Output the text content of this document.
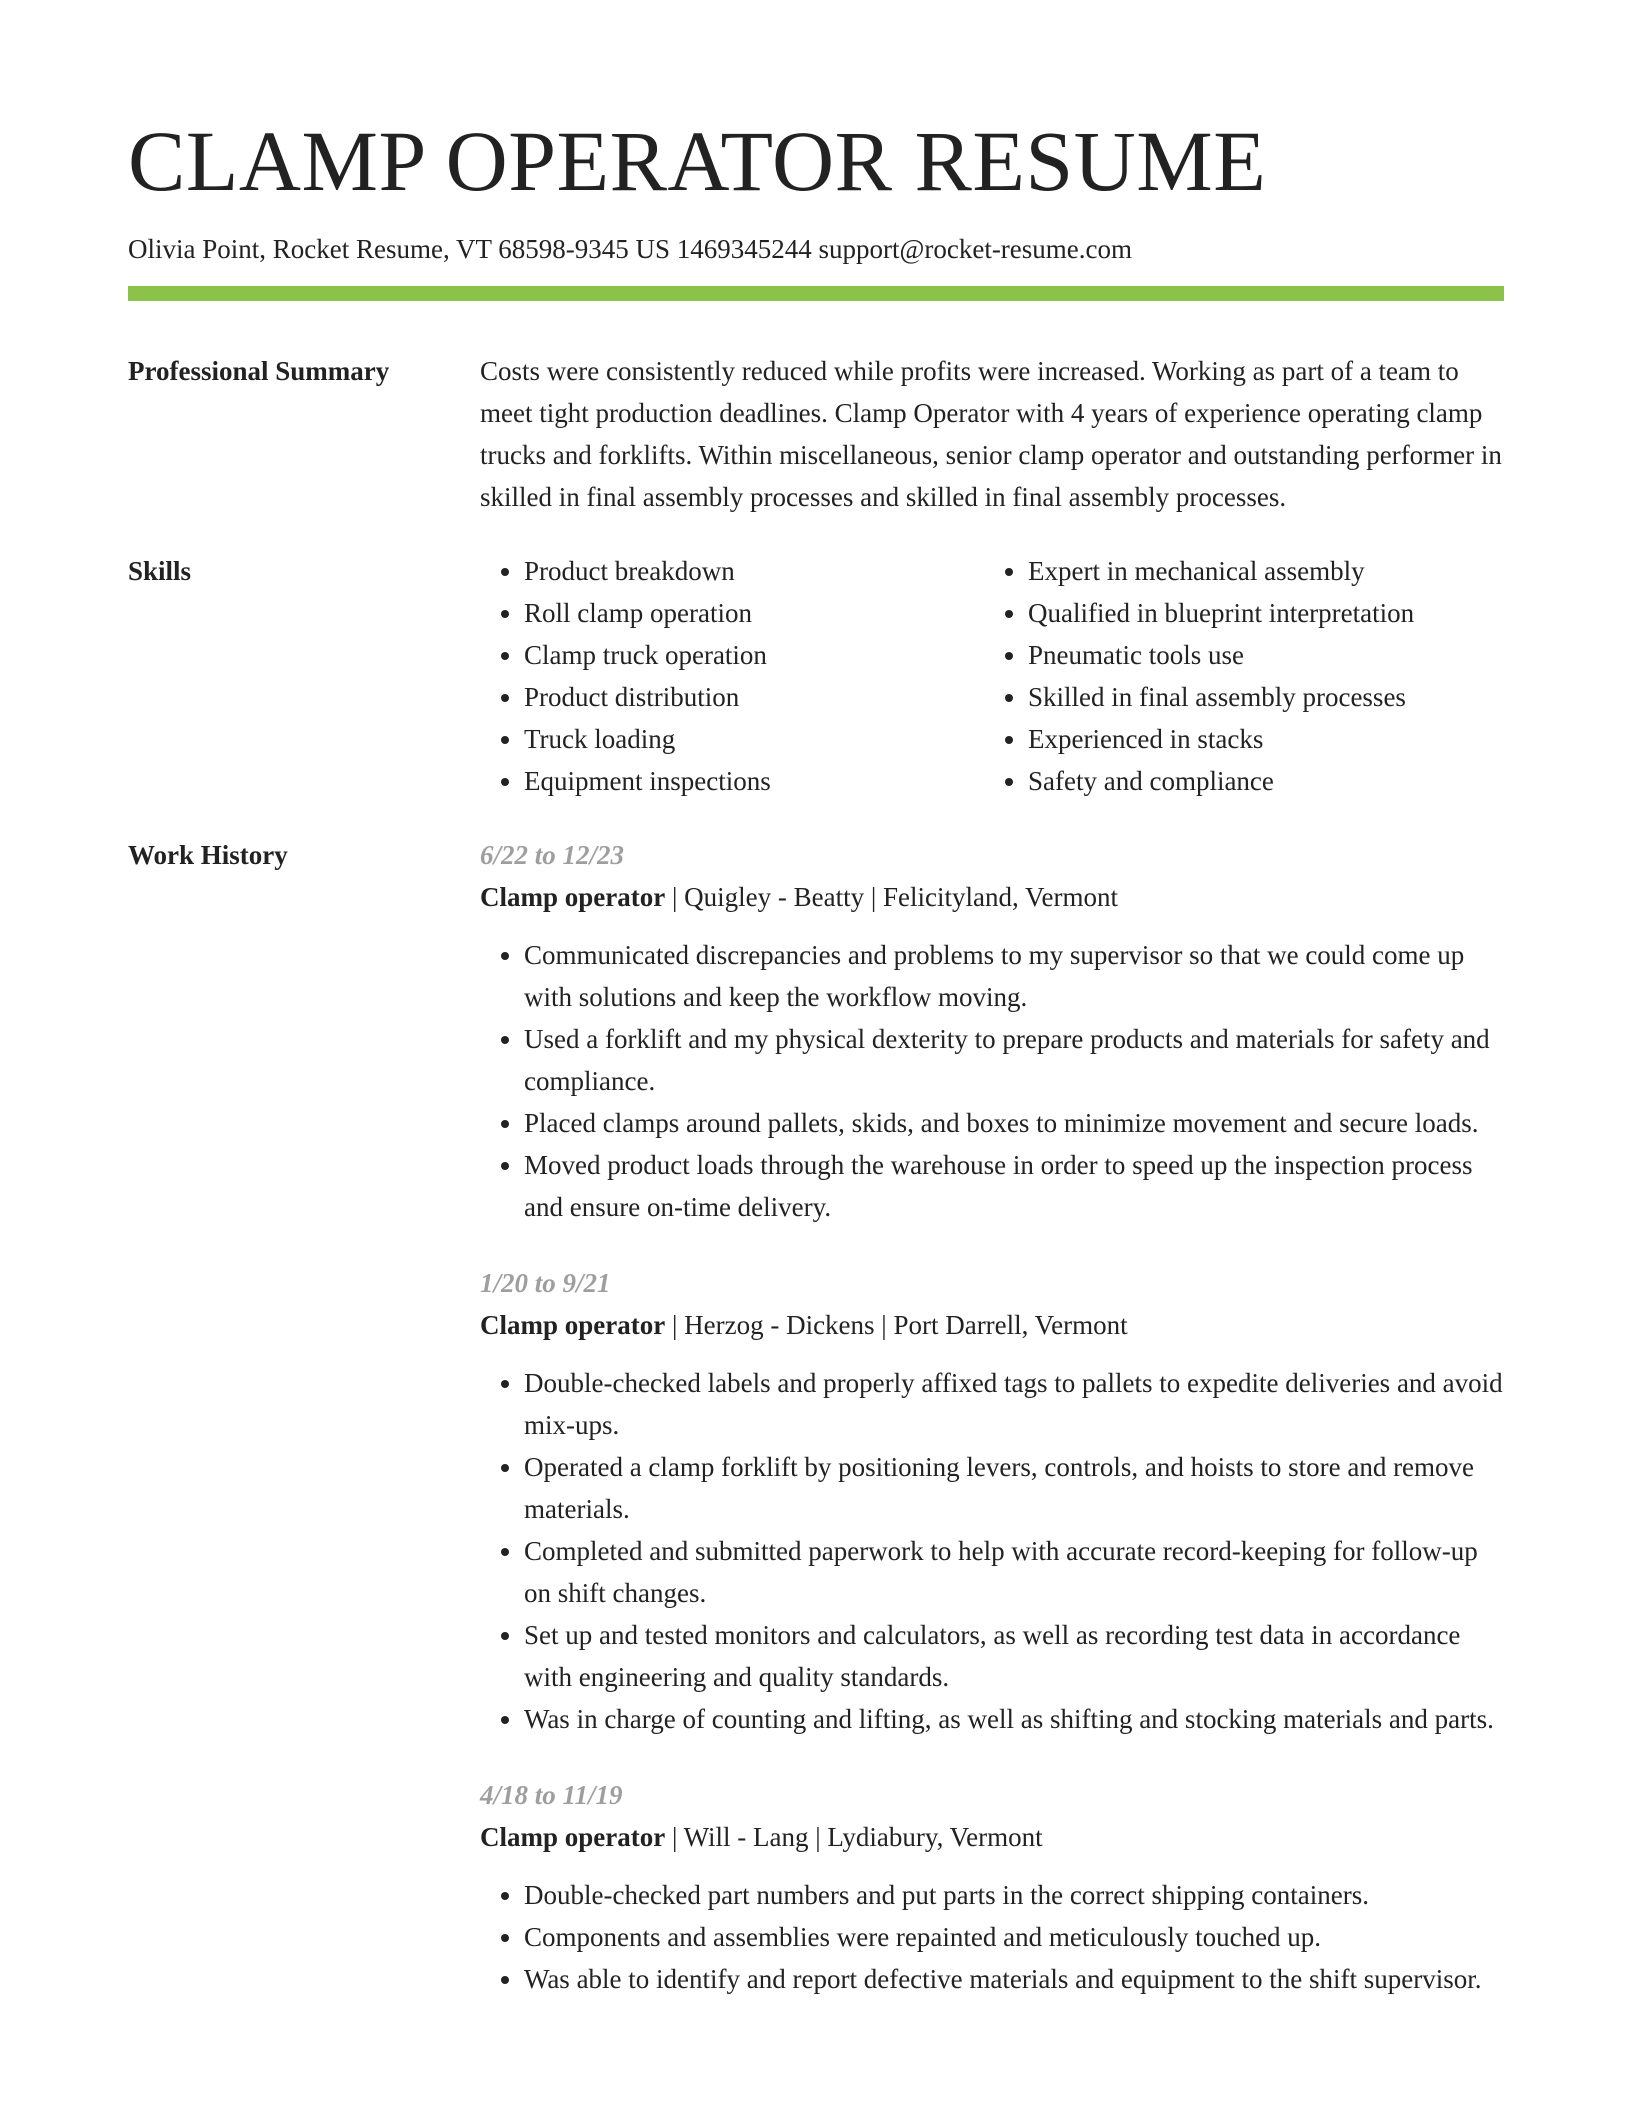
CLAMP OPERATOR RESUME
Olivia Point, Rocket Resume, VT 68598-9345 US 1469345244 support@rocket-resume.com
Professional Summary	Costs were consistently reduced while profits were increased. Working as part of a team to meet tight production deadlines. Clamp Operator with 4 years of experience operating clamp trucks and forklifts. Within miscellaneous, senior clamp operator and outstanding performer in skilled in final assembly processes and skilled in final assembly processes.

Skills
•	Product breakdown
• Roll clamp operation
• Clamp truck operation
• Product distribution
• Truck loading
• Equipment inspections
• Expert in mechanical assembly
• Qualified in blueprint interpretation
• Pneumatic tools use
• Skilled in final assembly processes
• Experienced in stacks
• Safety and compliance
Work History	6/22 to 12/23
Clamp operator | Quigley - Beatty | Felicityland, Vermont
• Communicated discrepancies and problems to my supervisor so that we could come up with solutions and keep the workflow moving.
• Used a forklift and my physical dexterity to prepare products and materials for safety and compliance.
• Placed clamps around pallets, skids, and boxes to minimize movement and secure loads.
• Moved product loads through the warehouse in order to speed up the inspection process and ensure on-time delivery.
1/20 to 9/21
Clamp operator | Herzog - Dickens | Port Darrell, Vermont
• Double-checked labels and properly affixed tags to pallets to expedite deliveries and avoid mix-ups.
• Operated a clamp forklift by positioning levers, controls, and hoists to store and remove materials.
• Completed and submitted paperwork to help with accurate record-keeping for follow-up on shift changes.
• Set up and tested monitors and calculators, as well as recording test data in accordance with engineering and quality standards.
• Was in charge of counting and lifting, as well as shifting and stocking materials and parts.
4/18 to 11/19
Clamp operator | Will - Lang | Lydiabury, Vermont
• Double-checked part numbers and put parts in the correct shipping containers.
• Components and assemblies were repainted and meticulously touched up.
• Was able to identify and report defective materials and equipment to the shift supervisor.
